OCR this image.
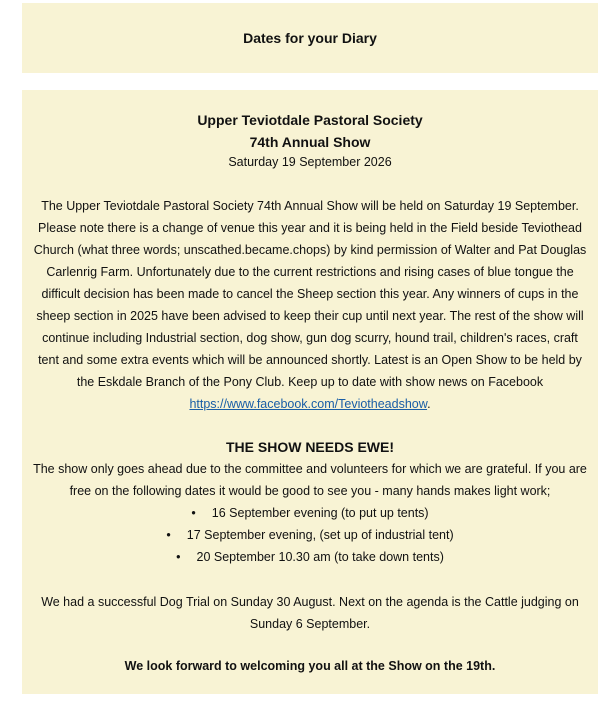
Dates for your Diary
Upper Teviotdale Pastoral Society
74th Annual Show
Saturday 19 September 2026
The Upper Teviotdale Pastoral Society 74th Annual Show will be held on Saturday 19 September. Please note there is a change of venue this year and it is being held in the Field beside Teviothead Church (what three words; unscathed.became.chops) by kind permission of Walter and Pat Douglas Carlenrig Farm. Unfortunately due to the current restrictions and rising cases of blue tongue the difficult decision has been made to cancel the Sheep section this year. Any winners of cups in the sheep section in 2025 have been advised to keep their cup until next year. The rest of the show will continue including Industrial section, dog show, gun dog scurry, hound trail, children's races, craft tent and some extra events which will be announced shortly. Latest is an Open Show to be held by the Eskdale Branch of the Pony Club. Keep up to date with show news on Facebook https://www.facebook.com/Teviotheadshow.
THE SHOW NEEDS EWE!
The show only goes ahead due to the committee and volunteers for which we are grateful. If you are free on the following dates it would be good to see you - many hands makes light work;
• 16 September evening (to put up tents)
• 17 September evening, (set up of industrial tent)
• 20 September 10.30 am (to take down tents)
We had a successful Dog Trial on Sunday 30 August. Next on the agenda is the Cattle judging on Sunday 6 September.
We look forward to welcoming you all at the Show on the 19th.
